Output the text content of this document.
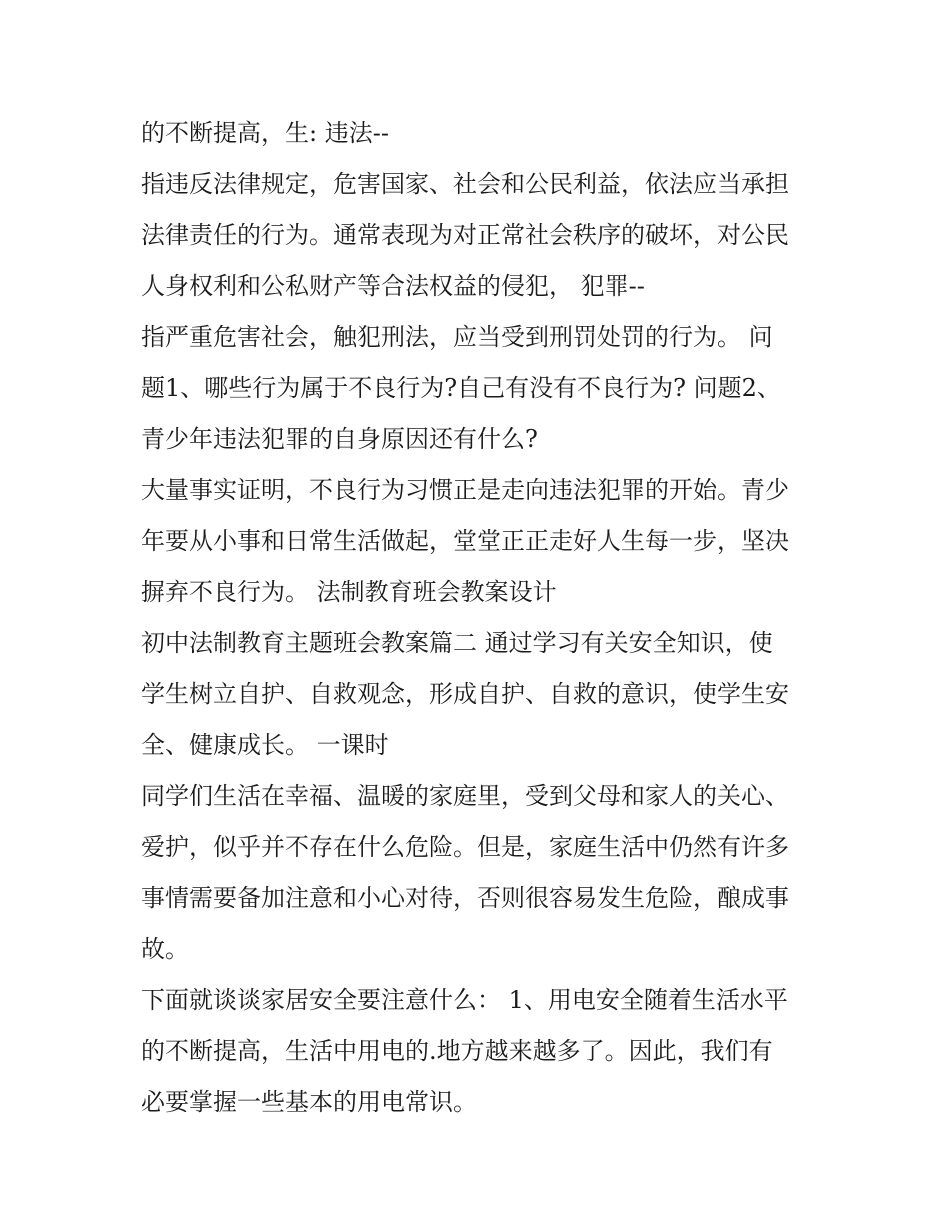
的不断提高，生: 违法--
指违反法律规定，危害国家、社会和公民利益，依法应当承担
法律责任的行为。通常表现为对正常社会秩序的破坏，对公民
人身权利和公私财产等合法权益的侵犯， 犯罪--
指严重危害社会，触犯刑法，应当受到刑罚处罚的行为。 问
题1、哪些行为属于不良行为?自己有没有不良行为? 问题2、
青少年违法犯罪的自身原因还有什么?
大量事实证明，不良行为习惯正是走向违法犯罪的开始。青少
年要从小事和日常生活做起，堂堂正正走好人生每一步，坚决
摒弃不良行为。 法制教育班会教案设计
初中法制教育主题班会教案篇二 通过学习有关安全知识，使
学生树立自护、自救观念，形成自护、自救的意识，使学生安
全、健康成长。 一课时
同学们生活在幸福、温暖的家庭里，受到父母和家人的关心、
爱护，似乎并不存在什么危险。但是，家庭生活中仍然有许多
事情需要备加注意和小心对待，否则很容易发生危险，酿成事
故。
下面就谈谈家居安全要注意什么： 1、用电安全随着生活水平
的不断提高，生活中用电的.地方越来越多了。因此，我们有
必要掌握一些基本的用电常识。
